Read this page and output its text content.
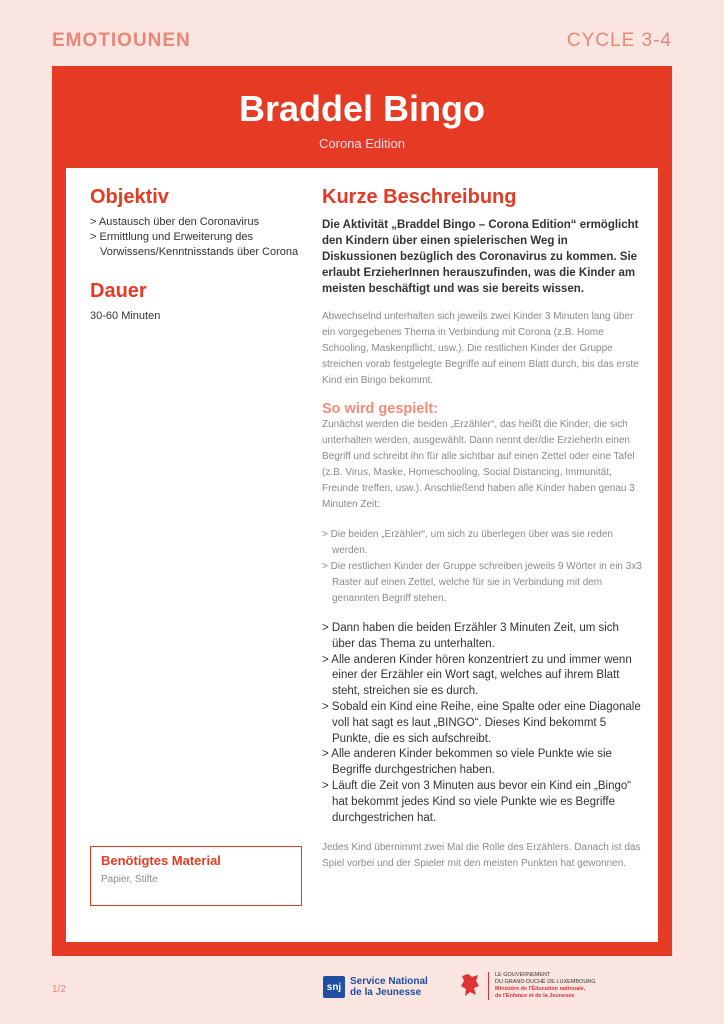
EMOTIOUNEN	CYCLE 3-4
Braddel Bingo
Corona Edition
Objektiv
> Austausch über den Coronavirus
> Ermittlung und Erweiterung des Vorwissens/Kenntnisstands über Corona
Dauer
30-60 Minuten
Kurze Beschreibung
Die Aktivität „Braddel Bingo – Corona Edition“ ermöglicht den Kindern über einen spielerischen Weg in Diskussionen bezüglich des Coronavirus zu kommen. Sie erlaubt ErzieherInnen herauszufinden, was die Kinder am meisten beschäftigt und was sie bereits wissen.
Abwechselnd unterhalten sich jeweils zwei Kinder 3 Minuten lang über ein vorgegebenes Thema in Verbindung mit Corona (z.B. Home Schooling, Maskenpflicht, usw.). Die restlichen Kinder der Gruppe streichen vorab festgelegte Begriffe auf einem Blatt durch, bis das erste Kind ein Bingo bekommt.
So wird gespielt:
Zunächst werden die beiden „Erzähler“, das heißt die Kinder, die sich unterhalten werden, ausgewählt. Dann nennt der/die ErzieherIn einen Begriff und schreibt ihn für alle sichtbar auf einen Zettel oder eine Tafel (z.B. Virus, Maske, Homeschooling, Social Distancing, Immunität, Freunde treffen, usw.). Anschließend haben alle Kinder haben genau 3 Minuten Zeit:
> Die beiden „Erzähler“, um sich zu überlegen über was sie reden werden.
> Die restlichen Kinder der Gruppe schreiben jeweils 9 Wörter in ein 3x3 Raster auf einen Zettel, welche für sie in Verbindung mit dem genannten Begriff stehen.
> Dann haben die beiden Erzähler 3 Minuten Zeit, um sich über das Thema zu unterhalten.
> Alle anderen Kinder hören konzentriert zu und immer wenn einer der Erzähler ein Wort sagt, welches auf ihrem Blatt steht, streichen sie es durch.
> Sobald ein Kind eine Reihe, eine Spalte oder eine Diagonale voll hat sagt es laut „BINGO“. Dieses Kind bekommt 5 Punkte, die es sich aufschreibt.
> Alle anderen Kinder bekommen so viele Punkte wie sie Begriffe durchgestrichen haben.
> Läuft die Zeit von 3 Minuten aus bevor ein Kind ein „Bingo“ hat bekommt jedes Kind so viele Punkte wie es Begriffe durchgestrichen hat.
Jedes Kind übernimmt zwei Mal die Rolle des Erzählers. Danach ist das Spiel vorbei und der Spieler mit den meisten Punkten hat gewonnen.
Benötigtes Material
Papier, Stifte
1/2	snj Service National
de la Jeunesse
LE GOUVERNEMENT
DU GRAND-DUCHÉ DE LUXEMBOURG
Ministère de l'Éducation nationale,
de l'Enfance et de la Jeunesse
